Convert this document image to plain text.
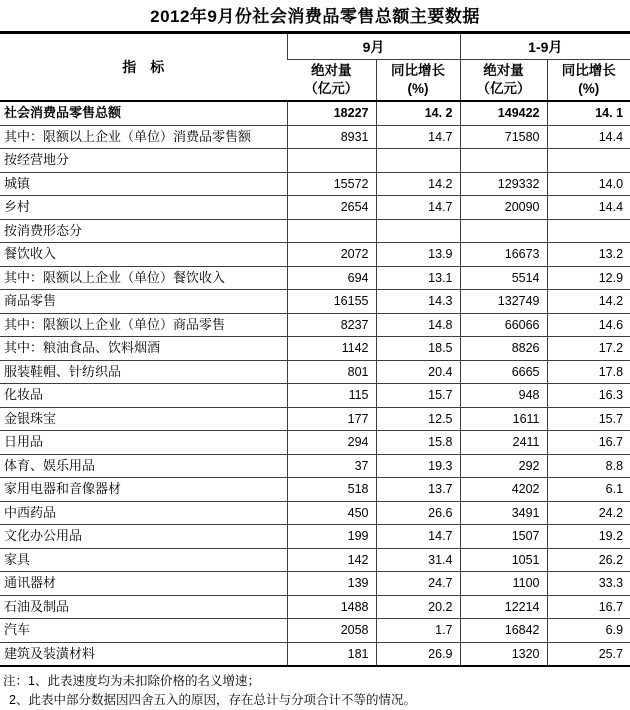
2012年9月份社会消费品零售总额主要数据
指　标	9月		1-9月	

绝对量
（亿元）

同比增长
(%)

绝对量
（亿元）

同比增长
(%)

社会消费品零售总额	18227	14. 2	149422	14. 1
其中：限额以上企业（单位）消费品零售额	8931	14.7	71580	14.4
按经营地分				
城镇	15572	14.2	129332	14.0
乡村	2654	14.7	20090	14.4
按消费形态分				
餐饮收入	2072	13.9	16673	13.2
其中：限额以上企业（单位）餐饮收入	694	13.1	5514	12.9
商品零售	16155	14.3	132749	14.2
其中：限额以上企业（单位）商品零售	8237	14.8	66066	14.6
其中：粮油食品、饮料烟酒	1142	18.5	8826	17.2
服装鞋帽、针纺织品	801	20.4	6665	17.8
化妆品	115	15.7	948	16.3
金银珠宝	177	12.5	1611	15.7
日用品	294	15.8	2411	16.7
体育、娱乐用品	37	19.3	292	8.8
家用电器和音像器材	518	13.7	4202	6.1
中西药品	450	26.6	3491	24.2
文化办公用品	199	14.7	1507	19.2
家具	142	31.4	1051	26.2
通讯器材	139	24.7	1100	33.3
石油及制品	1488	20.2	12214	16.7
汽车	2058	1.7	16842	6.9
建筑及装潢材料	181	26.9	1320	25.7

注：1、此表速度均为未扣除价格的名义增速；

2、此表中部分数据因四舍五入的原因，存在总计与分项合计不等的情况。
